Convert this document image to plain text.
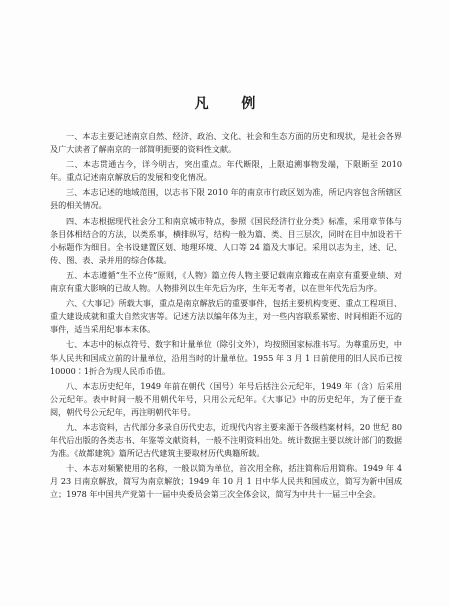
凡 例

一、本志主要记述南京自然、经济、政治、文化、社会和生态方面的历史和现状，是社会各界及广大读者了解南京的一部简明扼要的资料性文献。

二、本志贯通古今，详今明古，突出重点。年代断限，上限追溯事物发端，下限断至 2010 年。重点记述南京解放后的发展和变化情况。

三、本志记述的地域范围，以志书下限 2010 年的南京市行政区划为准，所记内容包含所辖区县的相关情况。

四、本志根据现代社会分工和南京城市特点，参照《国民经济行业分类》标准，采用章节体与条目体相结合的方法，以类系事，横排纵写，结构一般为篇、类、目三层次，同时在目中加设若干小标题作为细目。全书设建置区划、地理环境、人口等 24 篇及大事记。采用以志为主，述、记、传、图、表、录并用的综合体裁。

五、本志遵循“生不立传”原则，《人物》篇立传人物主要记载南京籍或在南京有重要业绩、对南京有重大影响的已故人物。人物排列以生年先后为序，生年无考者，以在世年代先后为序。

六、《大事记》所载大事，重点是南京解放后的重要事件，包括主要机构变更、重点工程项目、重大建设成就和重大自然灾害等。记述方法以编年体为主，对一些内容联系紧密、时间相距不远的事件，适当采用纪事本末体。

七、本志中的标点符号、数字和计量单位（除引文外），均按照国家标准书写。为尊重历史，中华人民共和国成立前的计量单位，沿用当时的计量单位。1955 年 3 月 1 日前使用的旧人民币已按 10000∶1折合为现人民币币值。

八、本志历史纪年，1949 年前在朝代（国号）年号后括注公元纪年，1949 年（含）后采用公元纪年。表中时间一般不用朝代年号，只用公元纪年。《大事记》中的历史纪年，为了便于查阅，朝代号公元纪年，再注明朝代年号。

九、本志资料，古代部分多录自历代史志，近现代内容主要来源于各级档案材料，20 世纪 80 年代后出版的各类志书、年鉴等文献资料，一般不注明资料出处。统计数据主要以统计部门的数据为准。《故都建筑》篇所记古代建筑主要取材历代典籍所载。

十、本志对频繁使用的名称，一般以简为单位，首次用全称，括注简称后用简称。1949 年 4 月 23 日南京解放，简写为南京解放；1949 年 10 月 1 日中华人民共和国成立，简写为新中国成立；1978 年中国共产党第十一届中央委员会第三次全体会议，简写为中共十一届三中全会。
